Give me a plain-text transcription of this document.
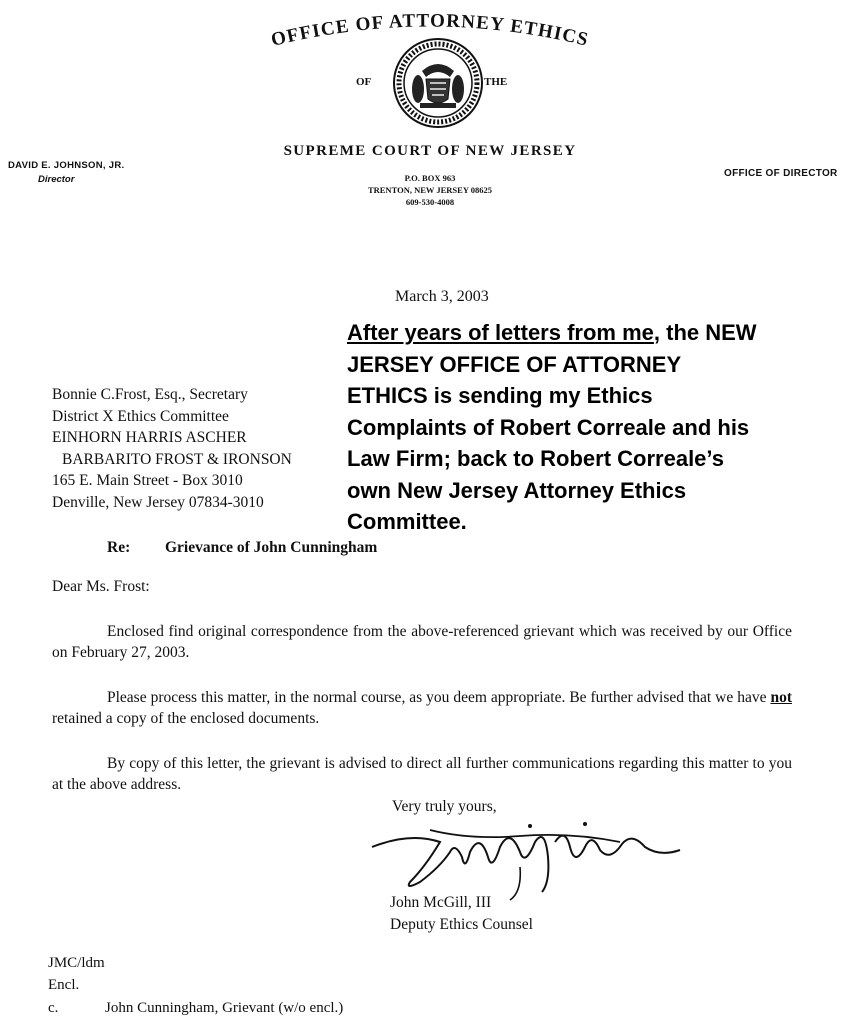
OFFICE OF ATTORNEY ETHICS
OF	THE
SUPREME COURT OF NEW JERSEY
DAVID E. JOHNSON, JR.
Director
OFFICE OF DIRECTOR
P.O. BOX 963
TRENTON, NEW JERSEY 08625
609-530-4008
March 3, 2003
After years of letters from me, the NEW
JERSEY OFFICE OF ATTORNEY
ETHICS is sending my Ethics
Complaints of Robert Correale and his
Law Firm; back to Robert Correale’s
own New Jersey Attorney Ethics
Committee.
Bonnie C.Frost, Esq., Secretary
District X Ethics Committee
EINHORN HARRIS ASCHER
BARBARITO FROST & IRONSON
165 E. Main Street - Box 3010
Denville, New Jersey 07834-3010
Re: Grievance of John Cunningham
Dear Ms. Frost:
Enclosed find original correspondence from the above-referenced grievant which was received by our Office on February 27, 2003.
Please process this matter, in the normal course, as you deem appropriate. Be further advised that we have not retained a copy of the enclosed documents.
By copy of this letter, the grievant is advised to direct all further communications regarding this matter to you at the above address.
Very truly yours,
John McGill, III
Deputy Ethics Counsel
JMC/ldm
Encl.
c.	John Cunningham, Grievant (w/o encl.)
